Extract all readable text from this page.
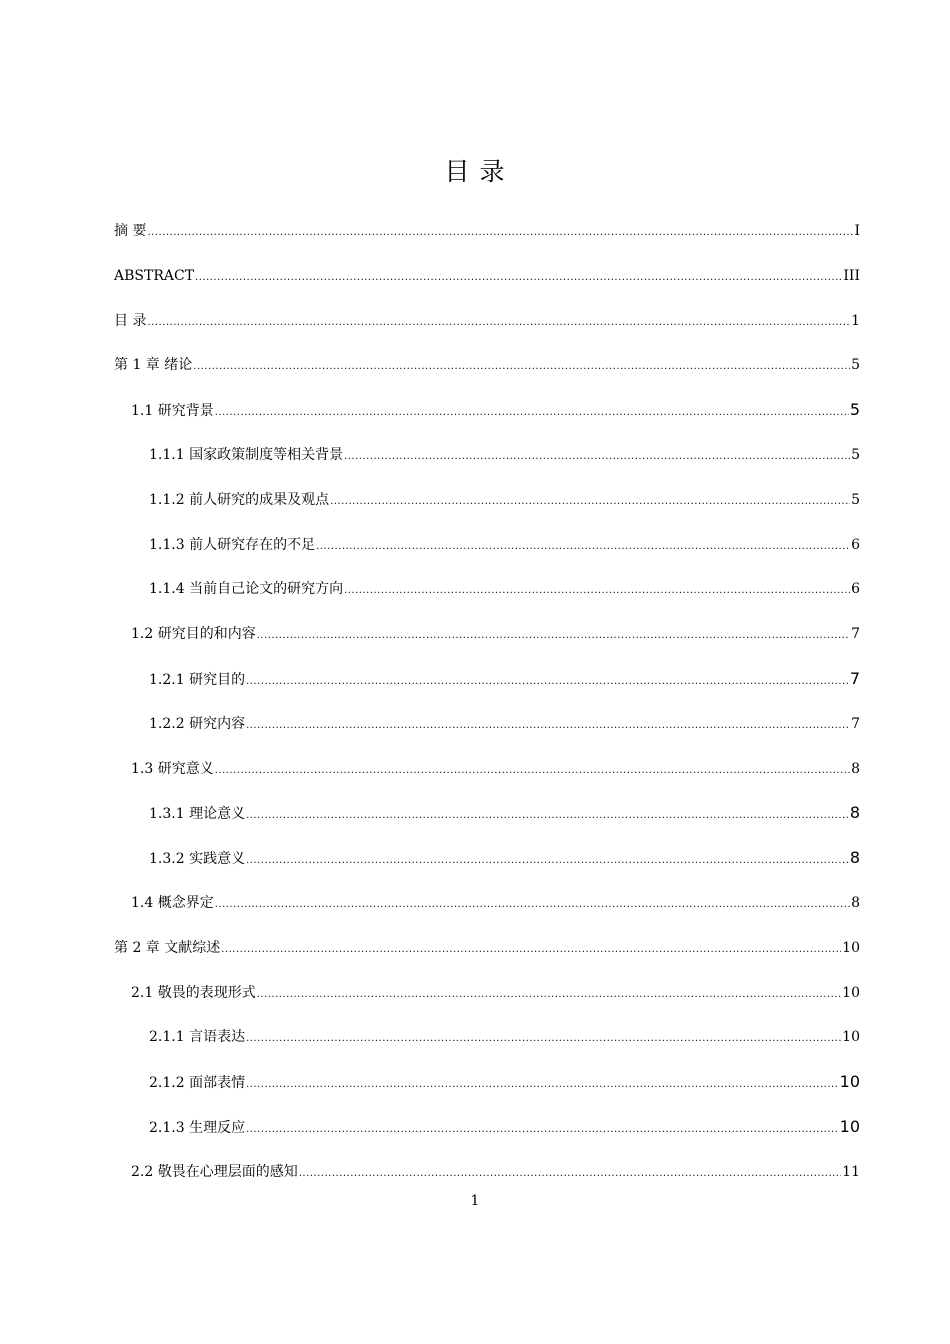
目 录
摘 要 .....	I
ABSTRACT .....	III
目 录 .....	1
第 1 章 绪论 .....	5
1.1 研究背景 .....	5
1.1.1 国家政策制度等相关背景 .....	5
1.1.2 前人研究的成果及观点 .....	5
1.1.3 前人研究存在的不足 .....	6
1.1.4 当前自己论文的研究方向 .....	6
1.2 研究目的和内容 .....	7
1.2.1 研究目的 .....	7
1.2.2 研究内容 .....	7
1.3 研究意义 .....	8
1.3.1 理论意义 .....	8
1.3.2 实践意义 .....	8
1.4 概念界定 .....	8
第 2 章 文献综述 .....	10
2.1 敬畏的表现形式 .....	10
2.1.1 言语表达 .....	10
2.1.2 面部表情 .....	10
2.1.3 生理反应 .....	10
2.2 敬畏在心理层面的感知 .....	11
1
